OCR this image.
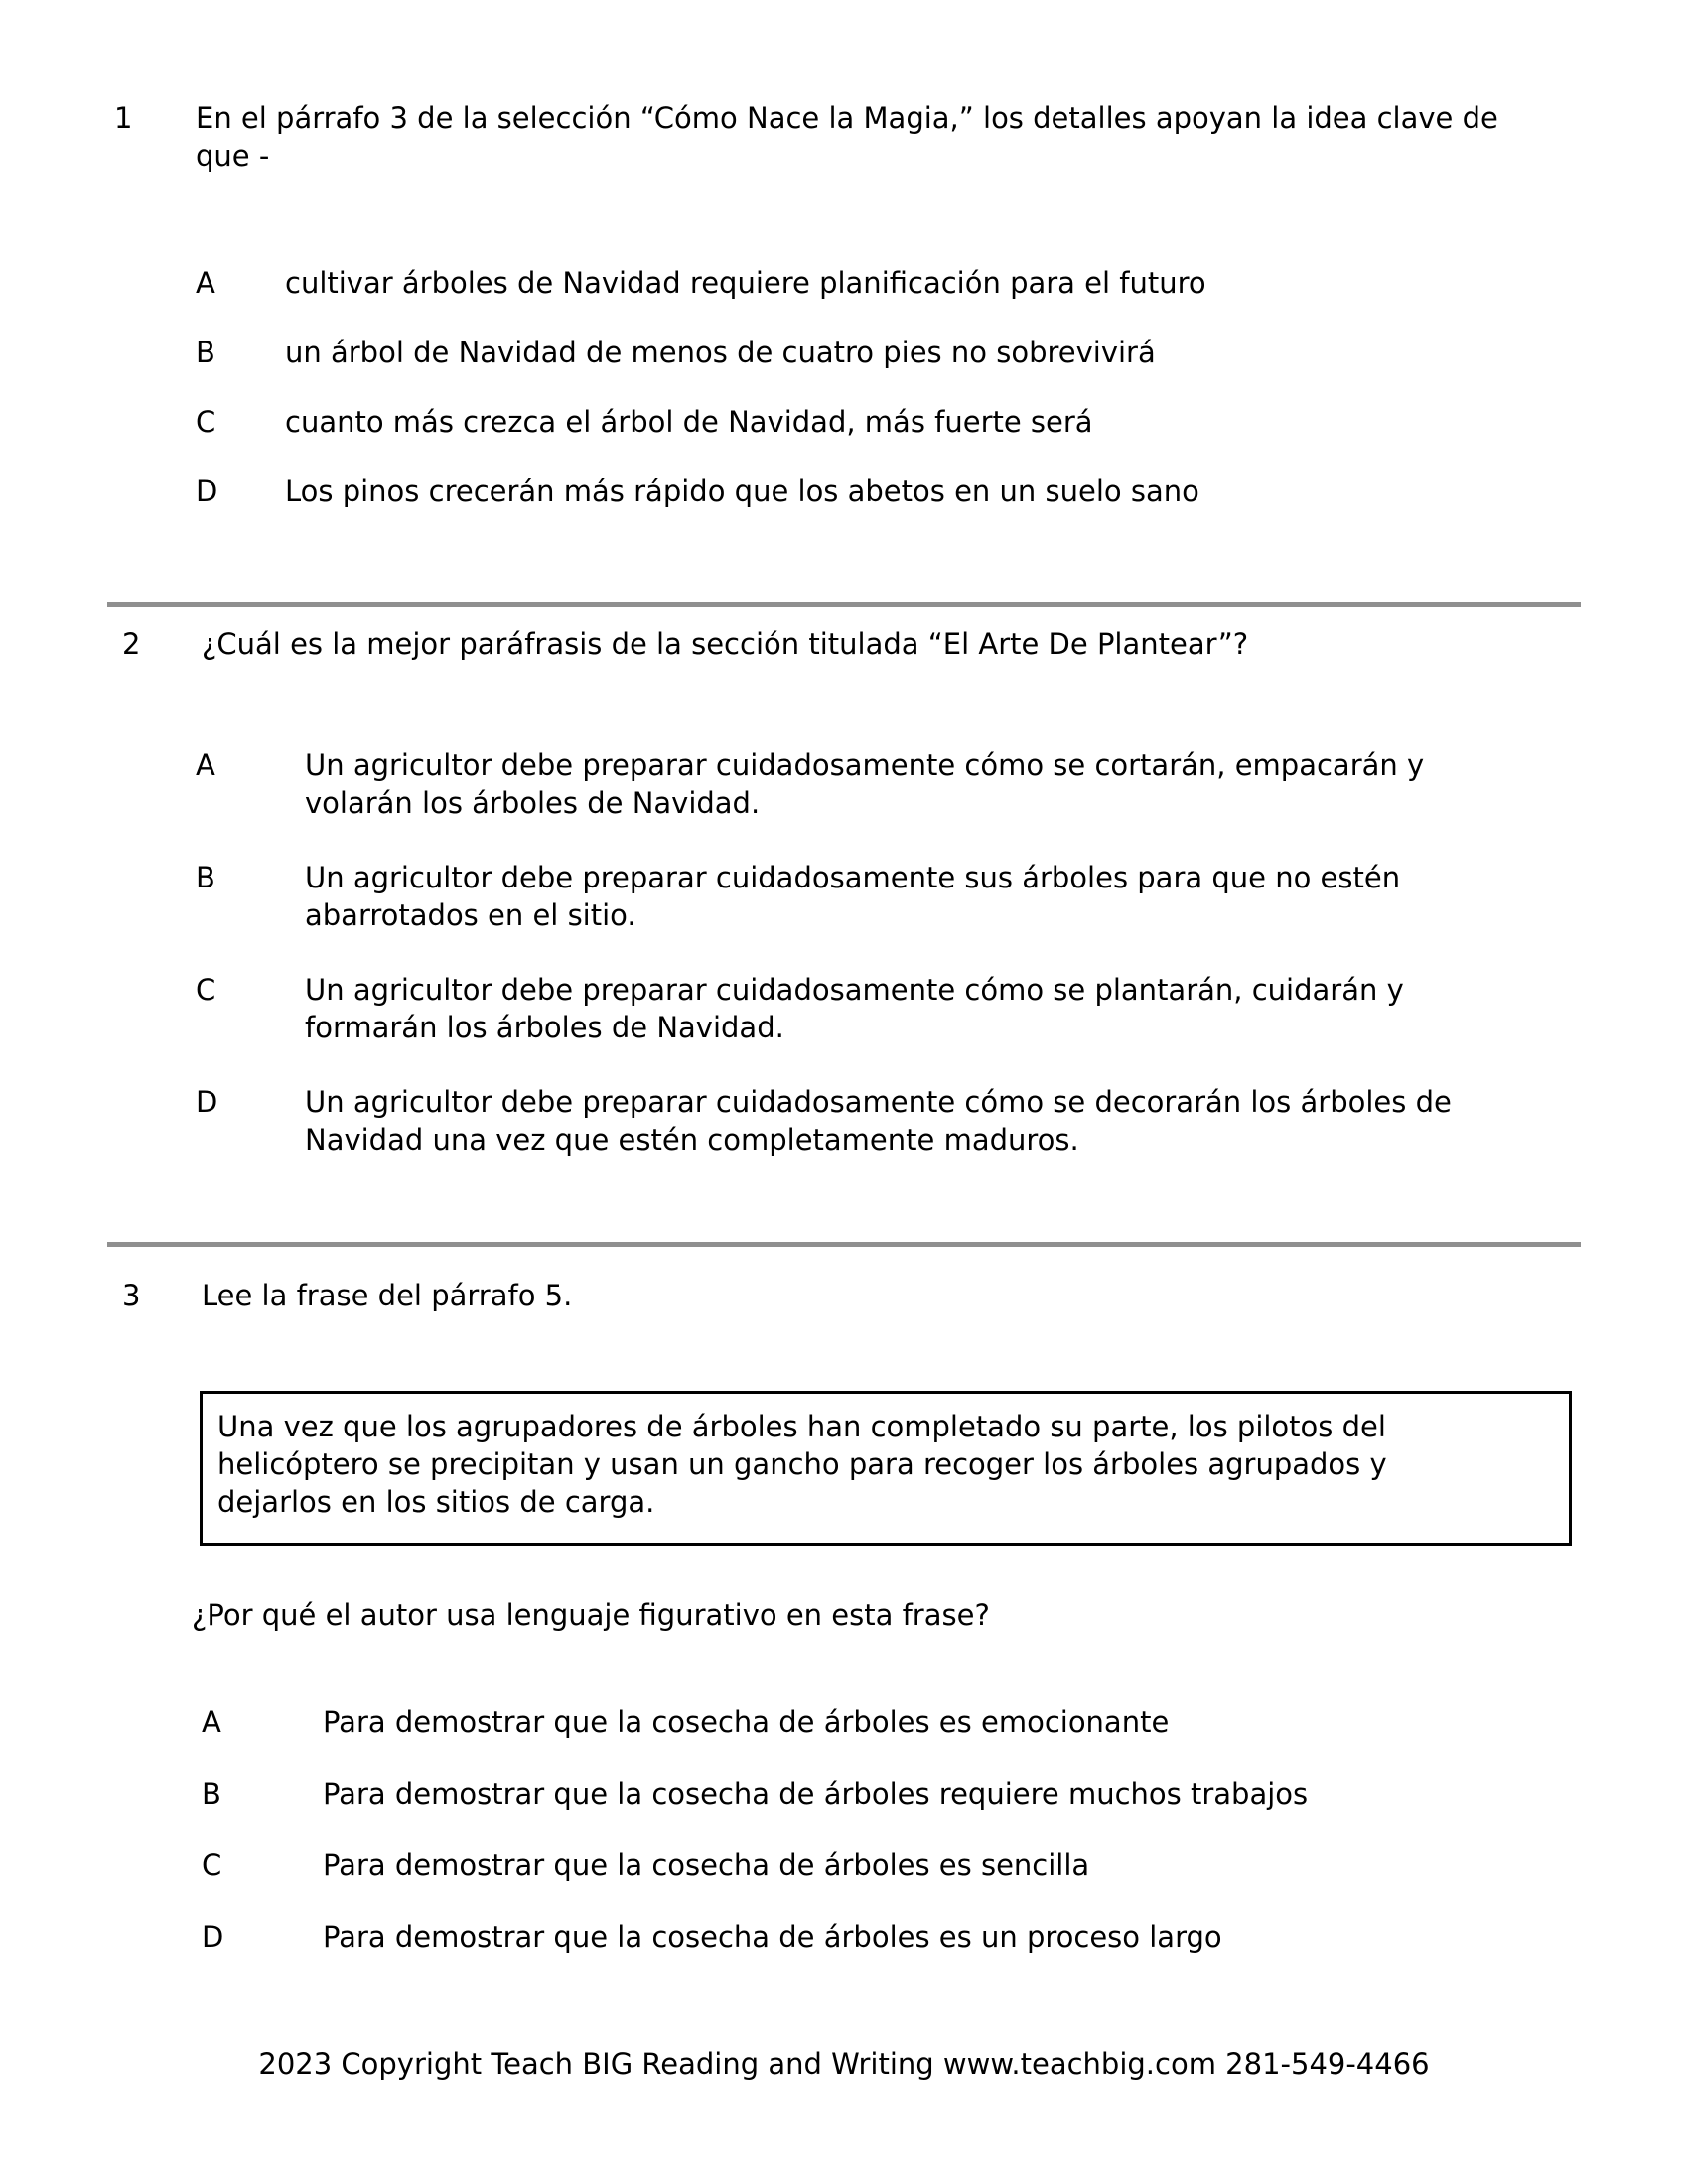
1	En el párrafo 3 de la selección “Cómo Nace la Magia,” los detalles apoyan la idea clave de que -
A	cultivar árboles de Navidad requiere planificación para el futuro
B	un árbol de Navidad de menos de cuatro pies no sobrevivirá
C	cuanto más crezca el árbol de Navidad, más fuerte será
D	Los pinos crecerán más rápido que los abetos en un suelo sano
2	¿Cuál es la mejor paráfrasis de la sección titulada “El Arte De Plantear”?
A	Un agricultor debe preparar cuidadosamente cómo se cortarán, empacarán y volarán los árboles de Navidad.
B	Un agricultor debe preparar cuidadosamente sus árboles para que no estén abarrotados en el sitio.
C	Un agricultor debe preparar cuidadosamente cómo se plantarán, cuidarán y formarán los árboles de Navidad.
D	Un agricultor debe preparar cuidadosamente cómo se decorarán los árboles de Navidad una vez que estén completamente maduros.
3	Lee la frase del párrafo 5.
Una vez que los agrupadores de árboles han completado su parte, los pilotos del helicóptero se precipitan y usan un gancho para recoger los árboles agrupados y dejarlos en los sitios de carga.
¿Por qué el autor usa lenguaje figurativo en esta frase?
A	Para demostrar que la cosecha de árboles es emocionante
B	Para demostrar que la cosecha de árboles requiere muchos trabajos
C	Para demostrar que la cosecha de árboles es sencilla
D	Para demostrar que la cosecha de árboles es un proceso largo
2023 Copyright Teach BIG Reading and Writing www.teachbig.com 281-549-4466
